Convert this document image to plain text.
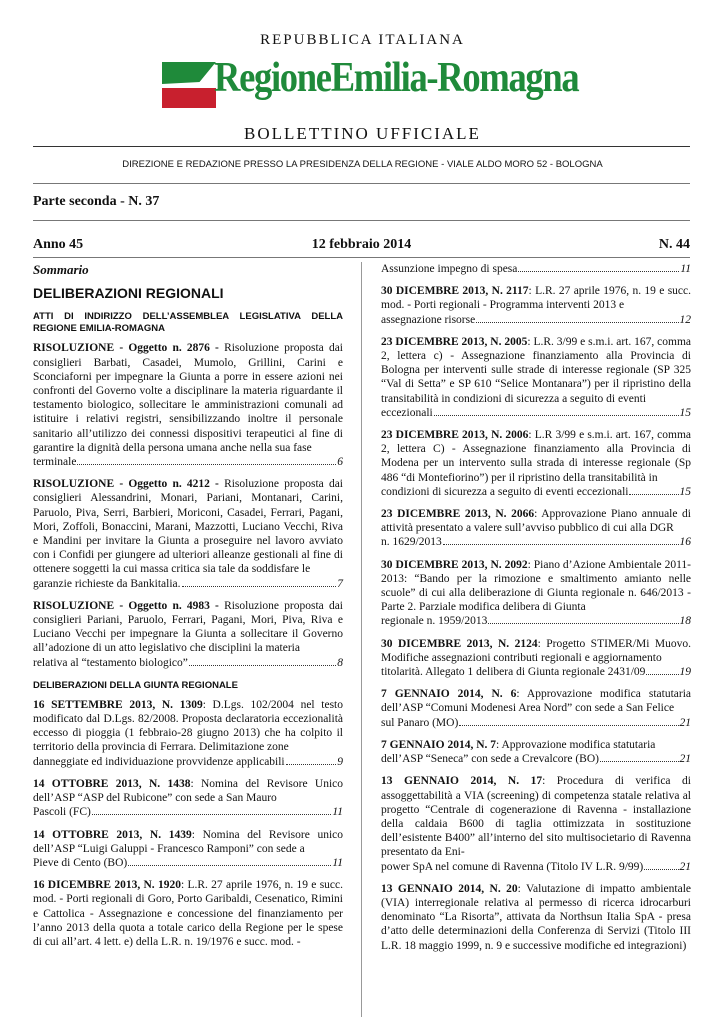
REPUBBLICA ITALIANA
RegioneEmilia-Romagna
BOLLETTINO UFFICIALE
DIREZIONE E REDAZIONE PRESSO LA PRESIDENZA DELLA REGIONE - VIALE ALDO MORO 52 - BOLOGNA
Parte seconda - N. 37
Anno 45	12 febbraio 2014	N. 44
Sommario
DELIBERAZIONI REGIONALI
ATTI DI INDIRIZZO DELL’ASSEMBLEA LEGISLATIVA DELLA REGIONE EMILIA-ROMAGNA
RISOLUZIONE - Oggetto n. 2876 - Risoluzione proposta dai consiglieri Barbati, Casadei, Mumolo, Grillini, Carini e Sconciaforni per impegnare la Giunta a porre in essere azioni nei confronti del Governo volte a disciplinare la materia riguardante il testamento biologico, sollecitare le amministrazioni comunali ad istituire i relativi registri, sensibilizzando inoltre il personale sanitario all’utilizzo dei connessi dispositivi terapeutici al fine di garantire la dignità della persona umana anche nella sua fase
terminale	6
RISOLUZIONE - Oggetto n. 4212 - Risoluzione proposta dai consiglieri Alessandrini, Monari, Pariani, Montanari, Carini, Paruolo, Piva, Serri, Barbieri, Moriconi, Casadei, Ferrari, Pagani, Mori, Zoffoli, Bonaccini, Marani, Mazzotti, Luciano Vecchi, Riva e Mandini per invitare la Giunta a proseguire nel lavoro avviato con i Confidi per giungere ad ulteriori alleanze gestionali al fine di ottenere soggetti la cui massa critica sia tale da soddisfare le
garanzie richieste da Bankitalia.	7
RISOLUZIONE - Oggetto n. 4983 - Risoluzione proposta dai consiglieri Pariani, Paruolo, Ferrari, Pagani, Mori, Piva, Riva e Luciano Vecchi per impegnare la Giunta a sollecitare il Governo all’adozione di un atto legislativo che disciplini la materia
relativa al “testamento biologico”	8
DELIBERAZIONI DELLA GIUNTA REGIONALE
16 SETTEMBRE 2013, N. 1309: D.Lgs. 102/2004 nel testo modificato dal D.Lgs. 82/2008. Proposta declaratoria eccezionalità eccesso di pioggia (1 febbraio-28 giugno 2013) che ha colpito il territorio della provincia di Ferrara. Delimitazione zone
danneggiate ed individuazione provvidenze applicabili	9
14 OTTOBRE 2013, N. 1438: Nomina del Revisore Unico dell’ASP “ASP del Rubicone” con sede a San Mauro
Pascoli (FC)	11
14 OTTOBRE 2013, N. 1439: Nomina del Revisore unico dell’ASP “Luigi Galuppi - Francesco Ramponi” con sede a
Pieve di Cento (BO)	11
16 DICEMBRE 2013, N. 1920: L.R. 27 aprile 1976, n. 19 e succ. mod. - Porti regionali di Goro, Porto Garibaldi, Cesenatico, Rimini e Cattolica - Assegnazione e concessione del finanziamento per l’anno 2013 della quota a totale carico della Regione per le spese di cui all’art. 4 lett. e) della L.R. n. 19/1976 e succ. mod. -
Assunzione impegno di spesa	11
30 DICEMBRE 2013, N. 2117: L.R. 27 aprile 1976, n. 19 e succ. mod. - Porti regionali - Programma interventi 2013 e
assegnazione risorse	12
23 DICEMBRE 2013, N. 2005: L.R. 3/99 e s.m.i. art. 167, comma 2, lettera c) - Assegnazione finanziamento alla Provincia di Bologna per interventi sulle strade di interesse regionale (SP 325 “Val di Setta” e SP 610 “Selice Montanara”) per il ripristino della transitabilità in condizioni di sicurezza a seguito di eventi
eccezionali	15
23 DICEMBRE 2013, N. 2006: L.R 3/99 e s.m.i. art. 167, comma 2, lettera C) - Assegnazione finanziamento alla Provincia di Modena per un intervento sulla strada di interesse regionale (Sp 486 “di Montefiorino”) per il ripristino della transitabilità in
condizioni di sicurezza a seguito di eventi eccezionali	15
23 DICEMBRE 2013, N. 2066: Approvazione Piano annuale di attività presentato a valere sull’avviso pubblico di cui alla DGR
n. 1629/2013	16
30 DICEMBRE 2013, N. 2092: Piano d’Azione Ambientale 2011-2013: “Bando per la rimozione e smaltimento amianto nelle scuole” di cui alla deliberazione di Giunta regionale n. 646/2013 - Parte 2. Parziale modifica delibera di Giunta
regionale n. 1959/2013	18
30 DICEMBRE 2013, N. 2124: Progetto STIMER/Mi Muovo. Modifiche assegnazioni contributi regionali e aggiornamento
titolarità. Allegato 1 delibera di Giunta regionale 2431/09	19
7 GENNAIO 2014, N. 6: Approvazione modifica statutaria dell’ASP “Comuni Modenesi Area Nord” con sede a San Felice
sul Panaro (MO)	21
7 GENNAIO 2014, N. 7: Approvazione modifica statutaria
dell’ASP “Seneca” con sede a Crevalcore (BO)	21
13 GENNAIO 2014, N. 17: Procedura di verifica di assoggettabilità a VIA (screening) di competenza statale relativa al progetto “Centrale di cogenerazione di Ravenna - installazione della caldaia B600 di taglia ottimizzata in sostituzione dell’esistente B400” all’interno del sito multisocietario di Ravenna presentato da Eni-
power SpA nel comune di Ravenna (Titolo IV L.R. 9/99)	21
13 GENNAIO 2014, N. 20: Valutazione di impatto ambientale (VIA) interregionale relativa al permesso di ricerca idrocarburi denominato “La Risorta”, attivata da Northsun Italia SpA - presa d’atto delle determinazioni della Conferenza di Servizi (Titolo III L.R. 18 maggio 1999, n. 9 e successive modifiche ed integrazioni)
